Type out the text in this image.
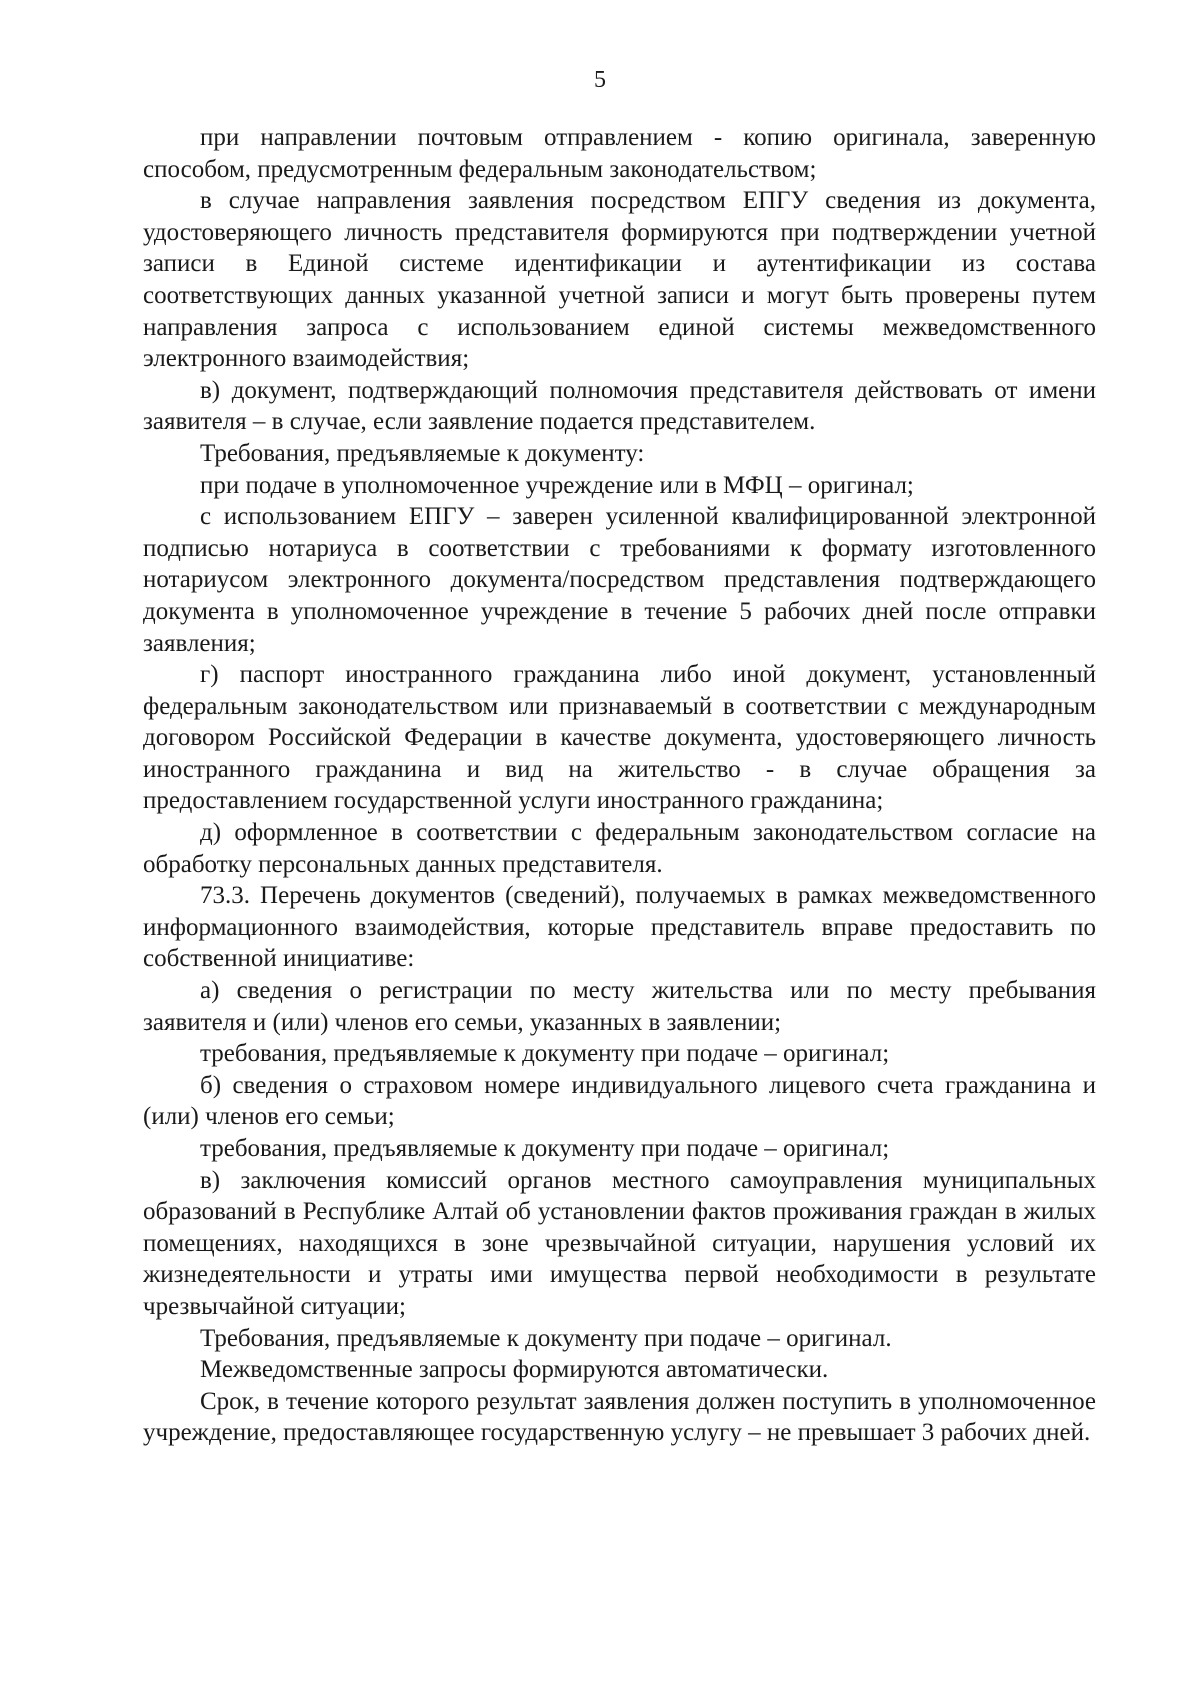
5

при направлении почтовым отправлением - копию оригинала, заверенную способом, предусмотренным федеральным законодательством;

в случае направления заявления посредством ЕПГУ сведения из документа, удостоверяющего личность представителя формируются при подтверждении учетной записи в Единой системе идентификации и аутентификации из состава соответствующих данных указанной учетной записи и могут быть проверены путем направления запроса с использованием единой системы межведомственного электронного взаимодействия;

в) документ, подтверждающий полномочия представителя действовать от имени заявителя – в случае, если заявление подается представителем.

Требования, предъявляемые к документу:

при подаче в уполномоченное учреждение или в МФЦ – оригинал;

с использованием ЕПГУ – заверен усиленной квалифицированной электронной подписью нотариуса в соответствии с требованиями к формату изготовленного нотариусом электронного документа/посредством представления подтверждающего документа в уполномоченное учреждение в течение 5 рабочих дней после отправки заявления;

г) паспорт иностранного гражданина либо иной документ, установленный федеральным законодательством или признаваемый в соответствии с международным договором Российской Федерации в качестве документа, удостоверяющего личность иностранного гражданина и вид на жительство - в случае обращения за предоставлением государственной услуги иностранного гражданина;

д) оформленное в соответствии с федеральным законодательством согласие на обработку персональных данных представителя.

73.3. Перечень документов (сведений), получаемых в рамках межведомственного информационного взаимодействия, которые представитель вправе предоставить по собственной инициативе:

а) сведения о регистрации по месту жительства или по месту пребывания заявителя и (или) членов его семьи, указанных в заявлении;

требования, предъявляемые к документу при подаче – оригинал;

б) сведения о страховом номере индивидуального лицевого счета гражданина и (или) членов его семьи;

требования, предъявляемые к документу при подаче – оригинал;

в) заключения комиссий органов местного самоуправления муниципальных образований в Республике Алтай об установлении фактов проживания граждан в жилых помещениях, находящихся в зоне чрезвычайной ситуации, нарушения условий их жизнедеятельности и утраты ими имущества первой необходимости в результате чрезвычайной ситуации;

Требования, предъявляемые к документу при подаче – оригинал.

Межведомственные запросы формируются автоматически.

Срок, в течение которого результат заявления должен поступить в уполномоченное учреждение, предоставляющее государственную услугу – не превышает 3 рабочих дней.
